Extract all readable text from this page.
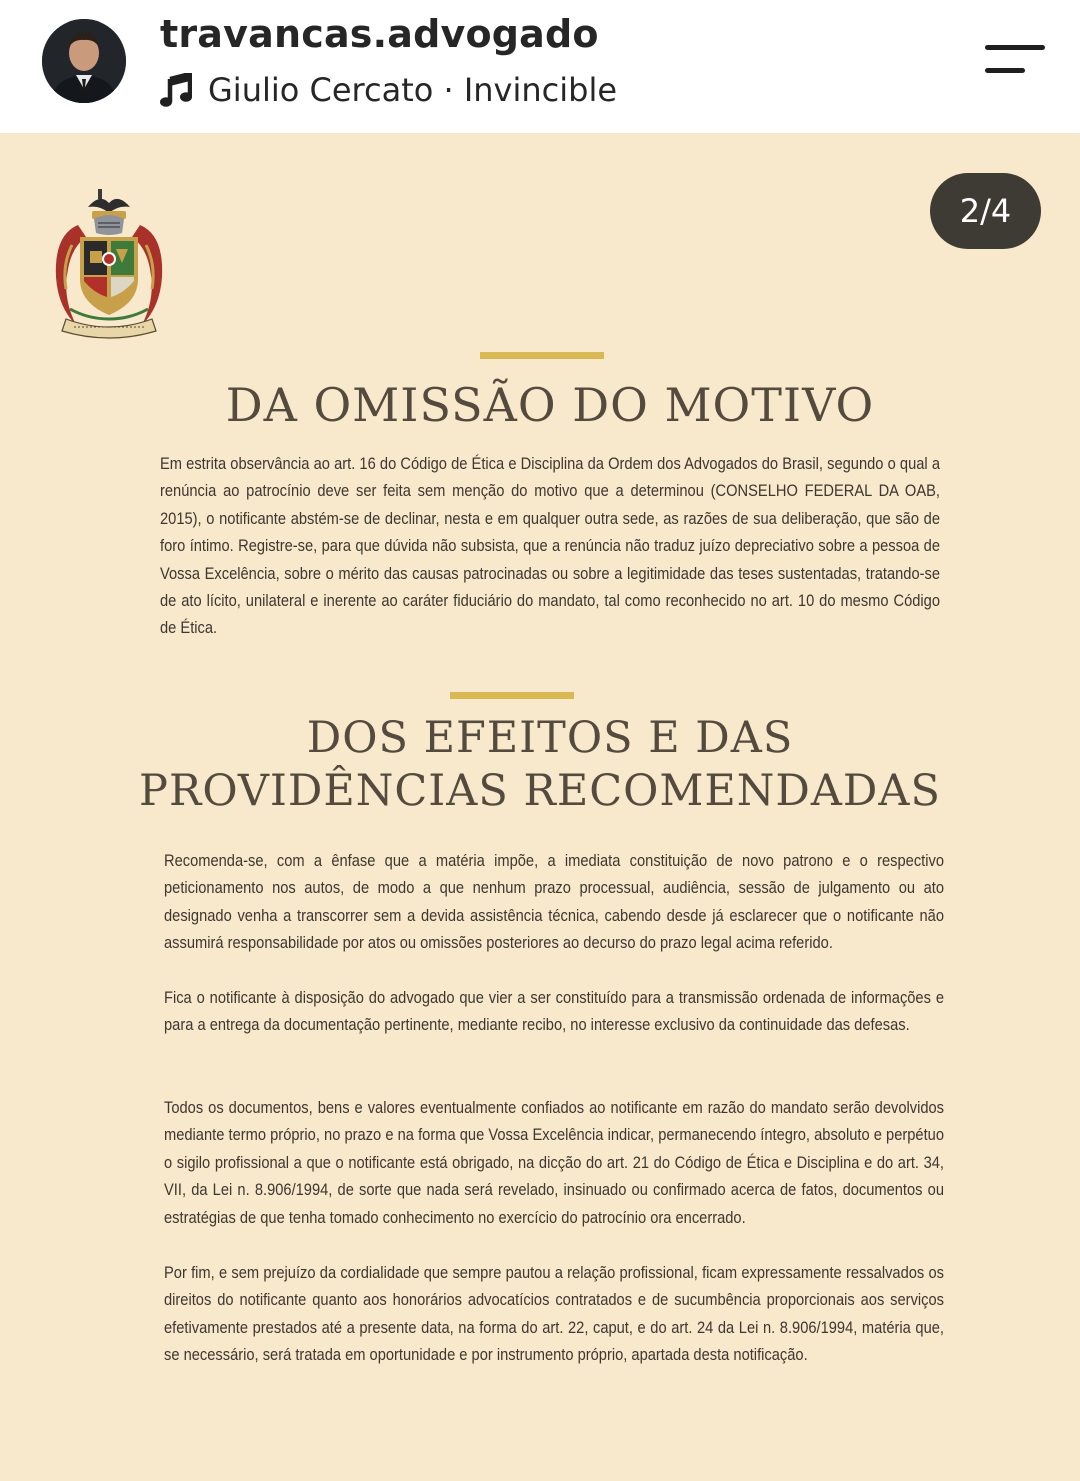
travancas.advogado
Giulio Cercato · Invincible
2/4
DA OMISSÃO DO MOTIVO

Em estrita observância ao art. 16 do Código de Ética e Disciplina da Ordem dos Advogados do Brasil, segundo o qual a renúncia ao patrocínio deve ser feita sem menção do motivo que a determinou (CONSELHO FEDERAL DA OAB, 2015), o notificante abstém-se de declinar, nesta e em qualquer outra sede, as razões de sua deliberação, que são de foro íntimo. Registre-se, para que dúvida não subsista, que a renúncia não traduz juízo depreciativo sobre a pessoa de Vossa Excelência, sobre o mérito das causas patrocinadas ou sobre a legitimidade das teses sustentadas, tratando-se de ato lícito, unilateral e inerente ao caráter fiduciário do mandato, tal como reconhecido no art. 10 do mesmo Código de Ética.

DOS EFEITOS E DAS
PROVIDÊNCIAS RECOMENDADAS

Recomenda-se, com a ênfase que a matéria impõe, a imediata constituição de novo patrono e o respectivo peticionamento nos autos, de modo a que nenhum prazo processual, audiência, sessão de julgamento ou ato designado venha a transcorrer sem a devida assistência técnica, cabendo desde já esclarecer que o notificante não assumirá responsabilidade por atos ou omissões posteriores ao decurso do prazo legal acima referido.

Fica o notificante à disposição do advogado que vier a ser constituído para a transmissão ordenada de informações e para a entrega da documentação pertinente, mediante recibo, no interesse exclusivo da continuidade das defesas.

Todos os documentos, bens e valores eventualmente confiados ao notificante em razão do mandato serão devolvidos mediante termo próprio, no prazo e na forma que Vossa Excelência indicar, permanecendo íntegro, absoluto e perpétuo o sigilo profissional a que o notificante está obrigado, na dicção do art. 21 do Código de Ética e Disciplina e do art. 34, VII, da Lei n. 8.906/1994, de sorte que nada será revelado, insinuado ou confirmado acerca de fatos, documentos ou estratégias de que tenha tomado conhecimento no exercício do patrocínio ora encerrado.

Por fim, e sem prejuízo da cordialidade que sempre pautou a relação profissional, ficam expressamente ressalvados os direitos do notificante quanto aos honorários advocatícios contratados e de sucumbência proporcionais aos serviços efetivamente prestados até a presente data, na forma do art. 22, caput, e do art. 24 da Lei n. 8.906/1994, matéria que, se necessário, será tratada em oportunidade e por instrumento próprio, apartada desta notificação.
